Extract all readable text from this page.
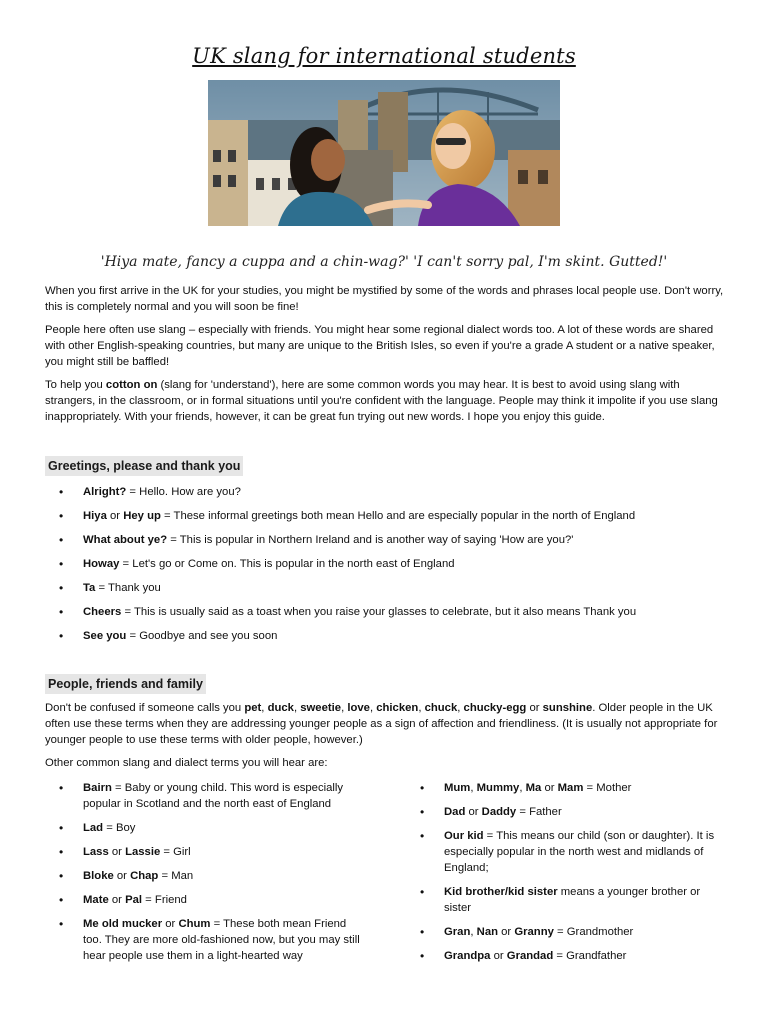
UK slang for international students
'Hiya mate, fancy a cuppa and a chin-wag?' 'I can't sorry pal, I'm skint. Gutted!'

When you first arrive in the UK for your studies, you might be mystified by some of the words and phrases local people use. Don't worry, this is completely normal and you will soon be fine!

People here often use slang – especially with friends. You might hear some regional dialect words too. A lot of these words are shared with other English-speaking countries, but many are unique to the British Isles, so even if you're a grade A student or a native speaker, you might still be baffled!

To help you cotton on (slang for 'understand'), here are some common words you may hear. It is best to avoid using slang with strangers, in the classroom, or in formal situations until you're confident with the language. People may think it impolite if you use slang inappropriately. With your friends, however, it can be great fun trying out new words. I hope you enjoy this guide.

Greetings, please and thank you
• Alright? = Hello. How are you?
• Hiya or Hey up = These informal greetings both mean Hello and are especially popular in the north of England
• What about ye? = This is popular in Northern Ireland and is another way of saying 'How are you?'
• Howay = Let's go or Come on. This is popular in the north east of England
• Ta = Thank you
• Cheers = This is usually said as a toast when you raise your glasses to celebrate, but it also means Thank you
• See you = Goodbye and see you soon
People, friends and family

Don't be confused if someone calls you pet, duck, sweetie, love, chicken, chuck, chucky-egg or sunshine. Older people in the UK often use these terms when they are addressing younger people as a sign of affection and friendliness. (It is usually not appropriate for younger people to use these terms with older people, however.)

Other common slang and dialect terms you will hear are:

• Bairn = Baby or young child. This word is especially popular in Scotland and the north east of England
• Lad = Boy
• Lass or Lassie = Girl
• Bloke or Chap = Man
• Mate or Pal = Friend
• Me old mucker or Chum = These both mean Friend too. They are more old-fashioned now, but you may still hear people use them in a light-hearted way
• Mum, Mummy, Ma or Mam = Mother
• Dad or Daddy = Father
• Our kid = This means our child (son or daughter). It is especially popular in the north west and midlands of England;
• Kid brother/kid sister means a younger brother or sister
• Gran, Nan or Granny = Grandmother
• Grandpa or Grandad = Grandfather
